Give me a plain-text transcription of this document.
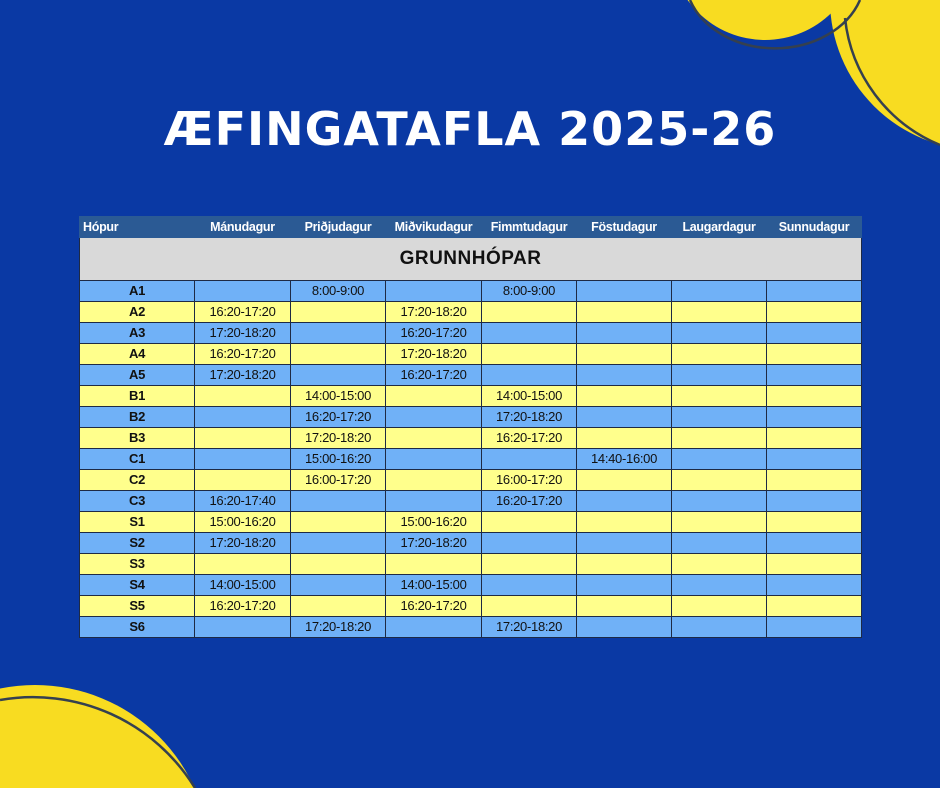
ÆFINGATAFLA 2025-26
Hópur	Mánudagur	Priðjudagur	Miðvikudagur	Fimmtudagur	Föstudagur	Laugardagur	Sunnudagur
GRUNNHÓPAR							
A1		8:00-9:00		8:00-9:00			
A2	16:20-17:20		17:20-18:20				
A3	17:20-18:20		16:20-17:20				
A4	16:20-17:20		17:20-18:20				
A5	17:20-18:20		16:20-17:20				
B1		14:00-15:00		14:00-15:00			
B2		16:20-17:20		17:20-18:20			
B3		17:20-18:20		16:20-17:20			
C1		15:00-16:20			14:40-16:00		
C2		16:00-17:20		16:00-17:20			
C3	16:20-17:40			16:20-17:20			
S1	15:00-16:20		15:00-16:20				
S2	17:20-18:20		17:20-18:20				
S3							
S4	14:00-15:00		14:00-15:00				
S5	16:20-17:20		16:20-17:20				
S6		17:20-18:20		17:20-18:20			
